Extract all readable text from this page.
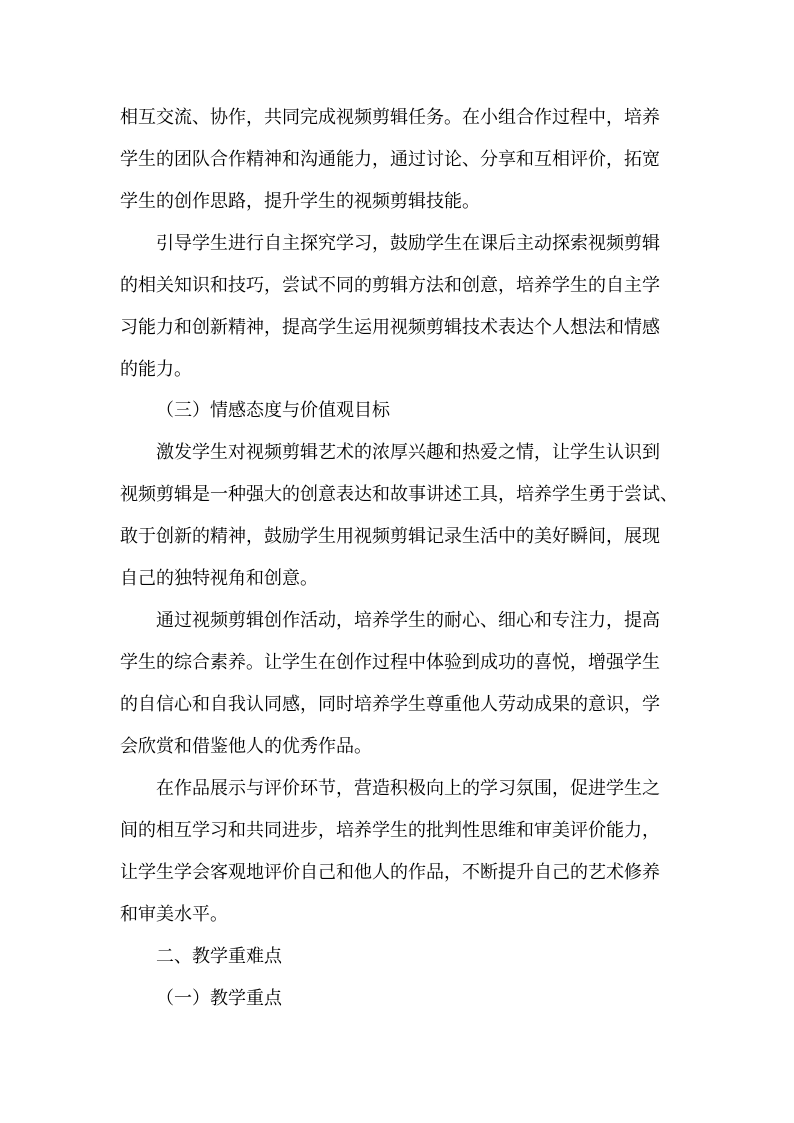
相互交流、协作，共同完成视频剪辑任务。在小组合作过程中，培养
学生的团队合作精神和沟通能力，通过讨论、分享和互相评价，拓宽
学生的创作思路，提升学生的视频剪辑技能。
引导学生进行自主探究学习，鼓励学生在课后主动探索视频剪辑
的相关知识和技巧，尝试不同的剪辑方法和创意，培养学生的自主学
习能力和创新精神，提高学生运用视频剪辑技术表达个人想法和情感
的能力。
（三）情感态度与价值观目标
激发学生对视频剪辑艺术的浓厚兴趣和热爱之情，让学生认识到
视频剪辑是一种强大的创意表达和故事讲述工具，培养学生勇于尝试、
敢于创新的精神，鼓励学生用视频剪辑记录生活中的美好瞬间，展现
自己的独特视角和创意。
通过视频剪辑创作活动，培养学生的耐心、细心和专注力，提高
学生的综合素养。让学生在创作过程中体验到成功的喜悦，增强学生
的自信心和自我认同感，同时培养学生尊重他人劳动成果的意识，学
会欣赏和借鉴他人的优秀作品。
在作品展示与评价环节，营造积极向上的学习氛围，促进学生之
间的相互学习和共同进步，培养学生的批判性思维和审美评价能力，
让学生学会客观地评价自己和他人的作品，不断提升自己的艺术修养
和审美水平。
二、教学重难点
（一）教学重点
